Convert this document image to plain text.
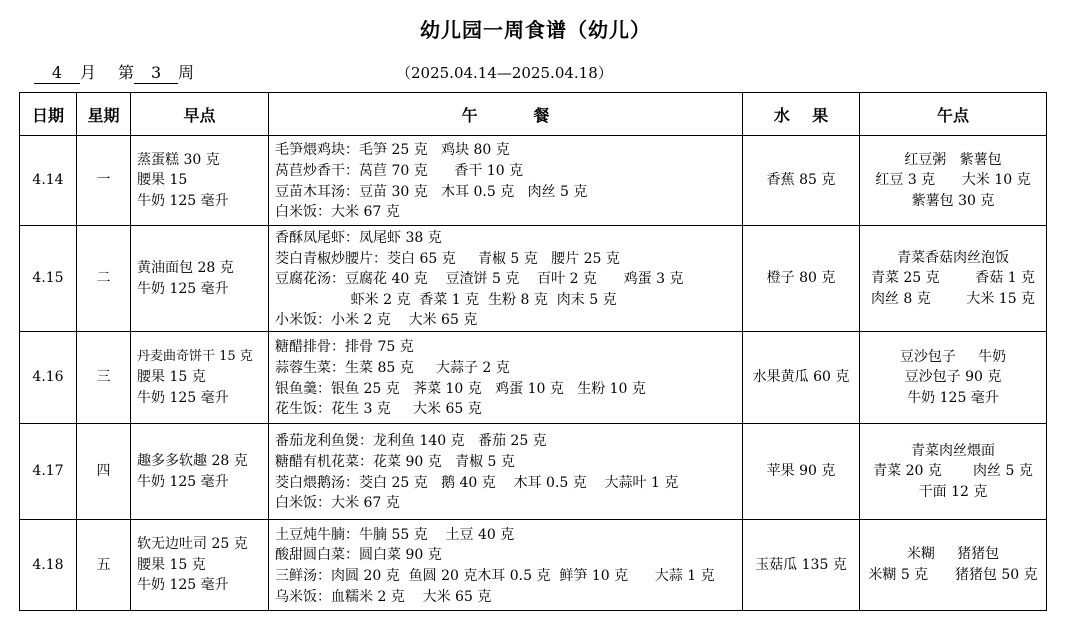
幼儿园一周食谱（幼儿）
4 月 第 3 周	（2025.04.14—2025.04.18）
日期	星期	早点	午          餐	水    果	午点
4.14	一	蒸蛋糕 30 克
腰果 15
牛奶 125 毫升	毛笋煨鸡块：毛笋 25 克   鸡块 80 克
莴苣炒香干：莴苣 70 克      香干 10 克
豆苗木耳汤：豆苗 30 克   木耳 0.5 克   肉丝 5 克
白米饭：大米 67 克	香蕉 85 克	红豆粥   紫薯包
红豆 3 克      大米 10 克
紫薯包 30 克

4.15	二	黄油面包 28 克
牛奶 125 毫升	香酥凤尾虾：凤尾虾 38 克
茭白青椒炒腰片：茭白 65 克     青椒 5 克   腰片 25 克
豆腐花汤：豆腐花 40 克    豆渣饼 5 克    百叶 2 克      鸡蛋 3 克
虾米 2 克  香菜 1 克  生粉 8 克  肉末 5 克
小米饭：小米 2 克    大米 65 克	橙子 80 克	青菜香菇肉丝泡饭
青菜 25 克        香菇 1 克
肉丝 8 克        大米 15 克

4.16	三	丹麦曲奇饼干 15 克
腰果 15 克
牛奶 125 毫升	糖醋排骨：排骨 75 克
蒜蓉生菜：生菜 85 克     大蒜子 2 克
银鱼羹：银鱼 25 克   荠菜 10 克   鸡蛋 10 克   生粉 10 克
花生饭：花生 3 克     大米 65 克	水果黄瓜 60 克	豆沙包子     牛奶
豆沙包子 90 克
牛奶 125 毫升

4.17	四	趣多多软趣 28 克
牛奶 125 毫升	番茄龙利鱼煲：龙利鱼 140 克   番茄 25 克
糖醋有机花菜：花菜 90 克   青椒 5 克
茭白煨鹅汤：茭白 25 克   鹅 40 克    木耳 0.5 克    大蒜叶 1 克
白米饭：大米 67 克	苹果 90 克	青菜肉丝煨面
青菜 20 克       肉丝 5 克
干面 12 克

4.18	五	软无边吐司 25 克
腰果 15 克
牛奶 125 毫升	土豆炖牛腩：牛腩 55 克    土豆 40 克
酸甜圆白菜：圆白菜 90 克
三鲜汤：肉圆 20 克  鱼圆 20 克木耳 0.5 克  鲜笋 10 克      大蒜 1 克
乌米饭：血糯米 2 克    大米 65 克	玉菇瓜 135 克	米糊     猪猪包
米糊 5 克      猪猪包 50 克
